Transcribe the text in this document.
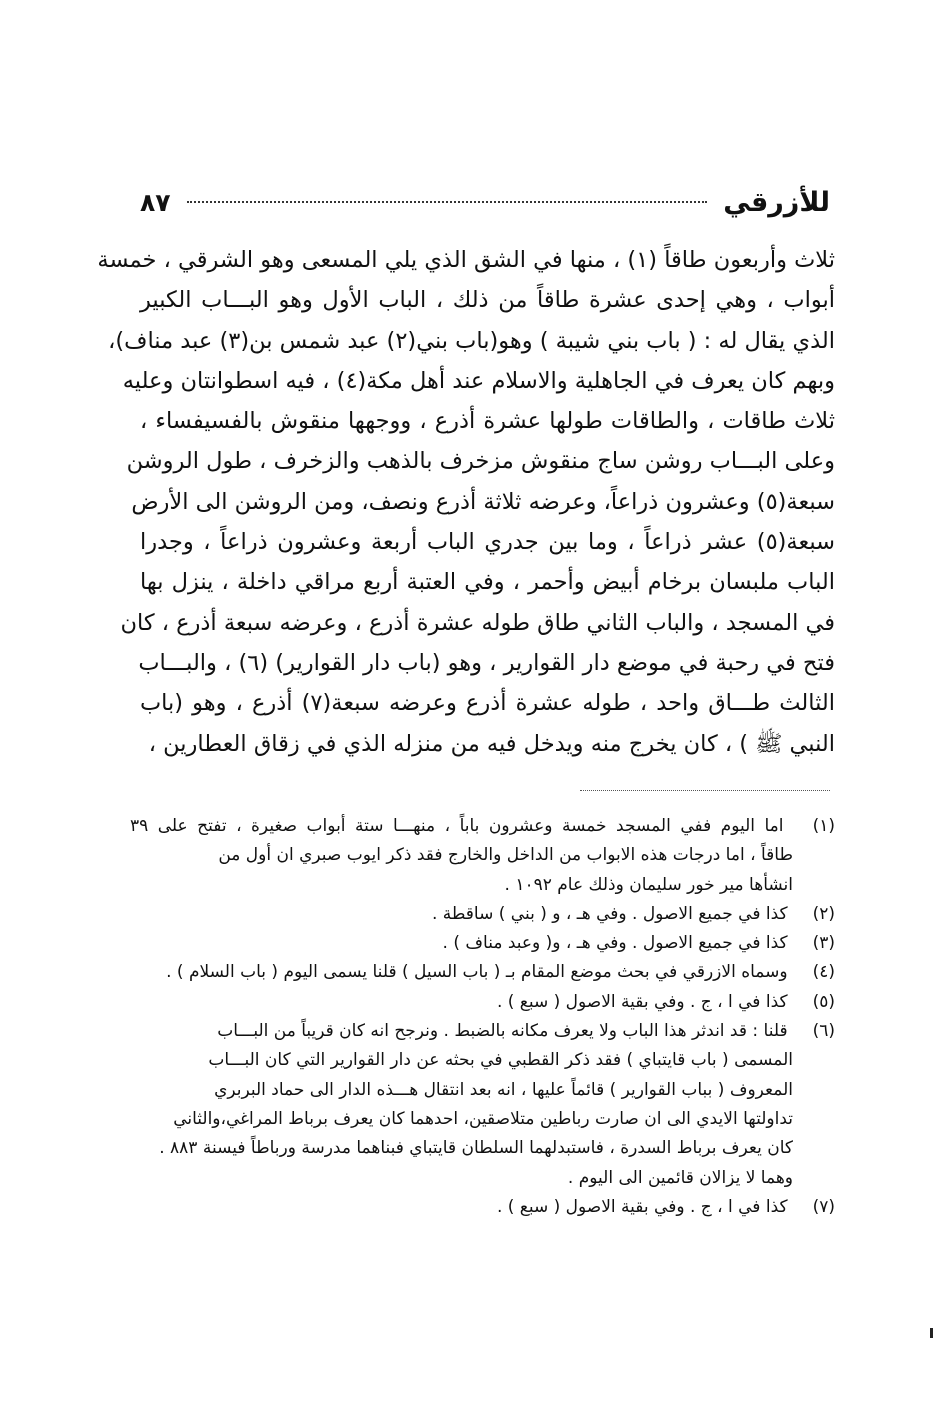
للأزرقي
٨٧
ثلاث وأربعون طاقاً (١) ، منها في الشق الذي يلي المسعى وهو الشرقي ، خمسة
أبواب ، وهي إحدى عشرة طاقاً من ذلك ، الباب الأول وهو البـــاب الكبير
الذي يقال له : ( باب بني شيبة ) وهو(باب بني(٢) عبد شمس بن(٣) عبد مناف)،
وبهم كان يعرف في الجاهلية والاسلام عند أهل مكة(٤) ، فيه اسطوانتان وعليه
ثلاث طاقات ، والطاقات طولها عشرة أذرع ، ووجهها منقوش بالفسيفساء ،
وعلى البـــاب روشن ساج منقوش مزخرف بالذهب والزخرف ، طول الروشن
سبعة(٥) وعشرون ذراعاً، وعرضه ثلاثة أذرع ونصف، ومن الروشن الى الأرض
سبعة(٥) عشر ذراعاً ، وما بين جدري الباب أربعة وعشرون ذراعاً ، وجدرا
الباب ملبسان برخام أبيض وأحمر ، وفي العتبة أربع مراقي داخلة ، ينزل بها
في المسجد ، والباب الثاني طاق طوله عشرة أذرع ، وعرضه سبعة أذرع ، كان
فتح في رحبة في موضع دار القوارير ، وهو (باب دار القوارير) (٦) ، والبـــاب
الثالث طـــاق واحد ، طوله عشرة أذرع وعرضه سبعة(٧) أذرع ، وهو (باب
النبي ﷺ ) ، كان يخرج منه ويدخل فيه من منزله الذي في زقاق العطارين ،
(١) اما اليوم ففي المسجد خمسة وعشرون باباً ، منهـــا ستة أبواب صغيرة ، تفتح على ٣٩
طاقاً ، اما درجات هذه الابواب من الداخل والخارج فقد ذكر ايوب صبري ان أول من
انشأها مير خور سليمان وذلك عام ١٠٩٢ .
(٢) كذا في جميع الاصول . وفي هـ ، و ( بني ) ساقطة .
(٣) كذا في جميع الاصول . وفي هـ ، و( وعبد مناف ) .
(٤) وسماه الازرقي في بحث موضع المقام بـ ( باب السيل ) قلنا يسمى اليوم ( باب السلام ) .
(٥) كذا في ا ، ج . وفي بقية الاصول ( سبع ) .
(٦) قلنا : قد اندثر هذا الباب ولا يعرف مكانه بالضبط . ونرجح انه كان قريباً من البـــاب
المسمى ( باب قايتباي ) فقد ذكر القطبي في بحثه عن دار القوارير التي كان البـــاب
المعروف ( بباب القوارير ) قائماً عليها ، انه بعد انتقال هـــذه الدار الى حماد البربري
تداولتها الايدي الى ان صارت رباطين متلاصقين، احدهما كان يعرف برباط المراغي،والثاني
كان يعرف برباط السدرة ، فاستبدلهما السلطان قايتباي فبناهما مدرسة ورباطاً فيسنة ٨٨٣ .
وهما لا يزالان قائمين الى اليوم .
(٧) كذا في ا ، ج . وفي بقية الاصول ( سبع ) .
